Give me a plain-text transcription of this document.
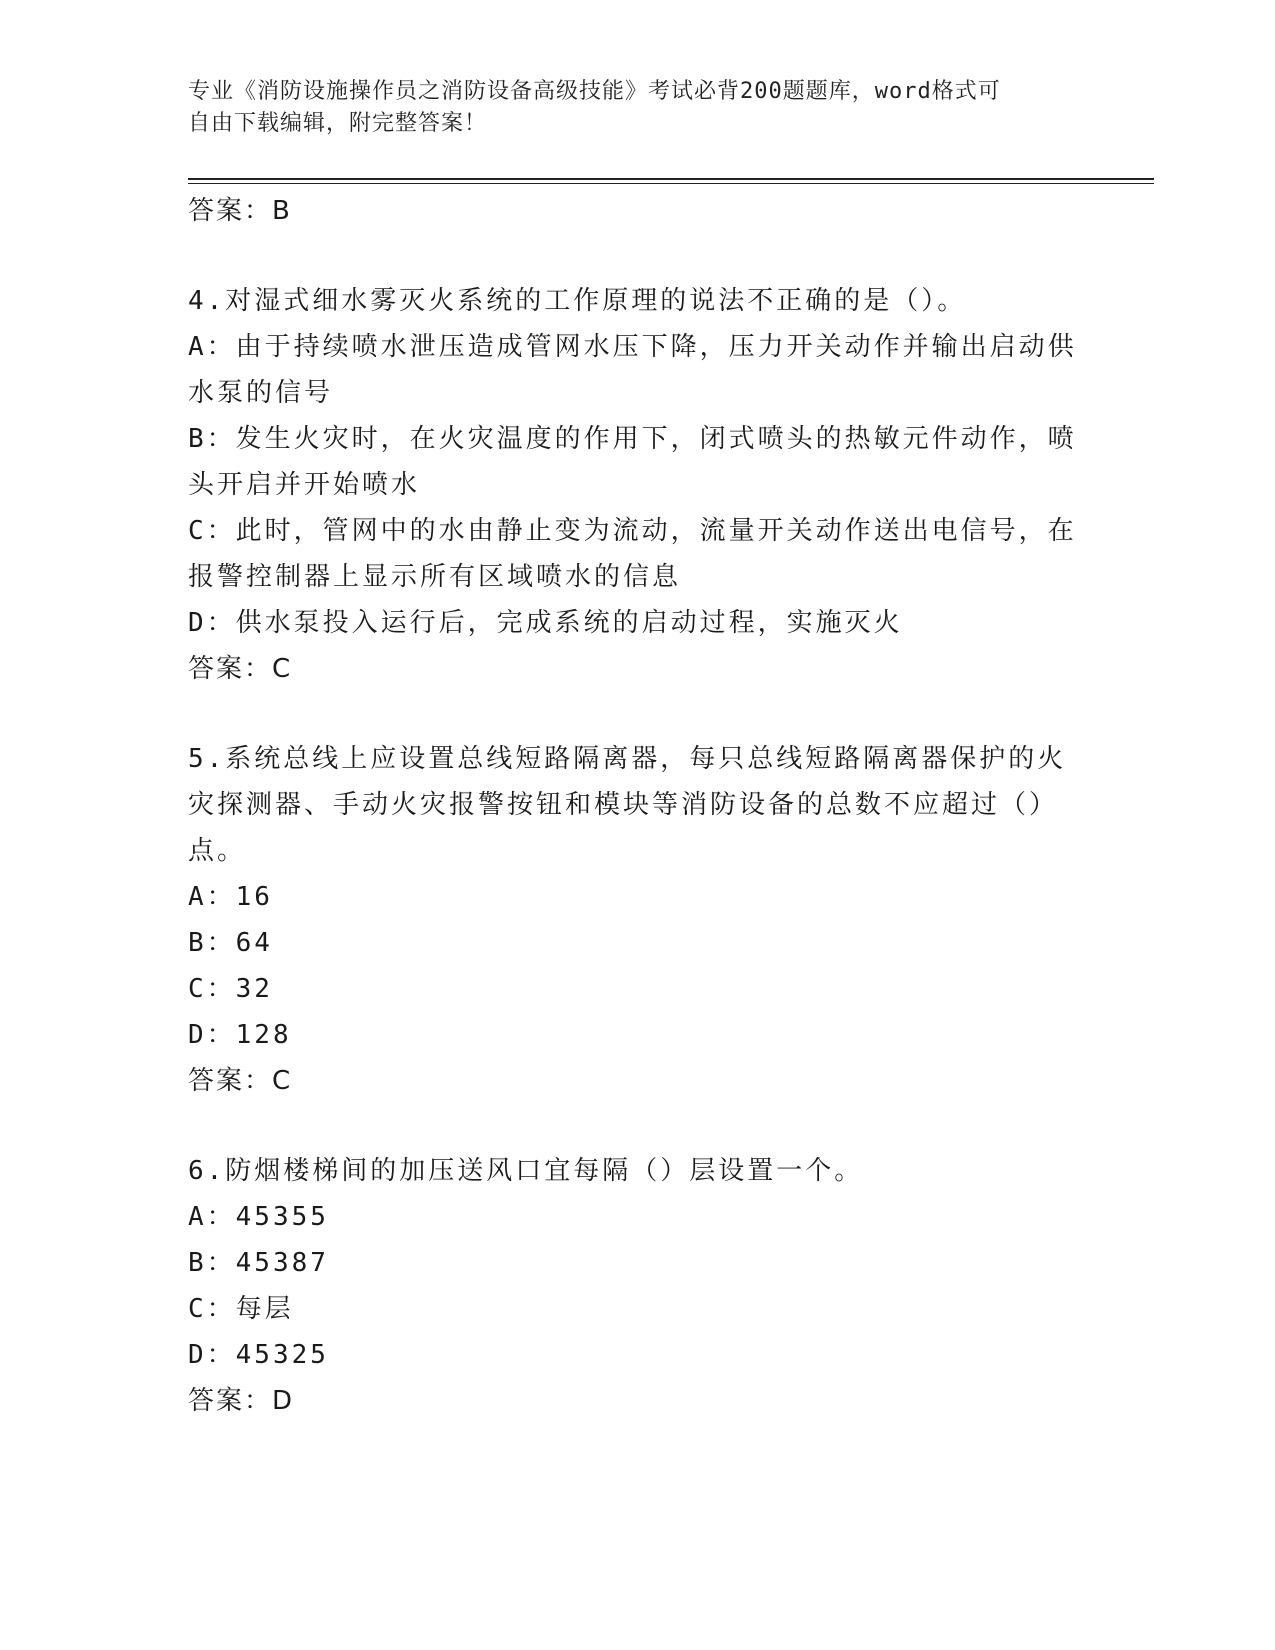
专业《消防设施操作员之消防设备高级技能》考试必背200题题库，word格式可
自由下载编辑，附完整答案！
答案：B
4.对湿式细水雾灭火系统的工作原理的说法不正确的是（）。
A：由于持续喷水泄压造成管网水压下降，压力开关动作并输出启动供
水泵的信号
B：发生火灾时，在火灾温度的作用下，闭式喷头的热敏元件动作，喷
头开启并开始喷水
C：此时，管网中的水由静止变为流动，流量开关动作送出电信号，在
报警控制器上显示所有区域喷水的信息
D：供水泵投入运行后，完成系统的启动过程，实施灭火
答案：C
5.系统总线上应设置总线短路隔离器，每只总线短路隔离器保护的火
灾探测器、手动火灾报警按钮和模块等消防设备的总数不应超过（）
点。
A：16
B：64
C：32
D：128
答案：C
6.防烟楼梯间的加压送风口宜每隔（）层设置一个。
A：45355
B：45387
C：每层
D：45325
答案：D
